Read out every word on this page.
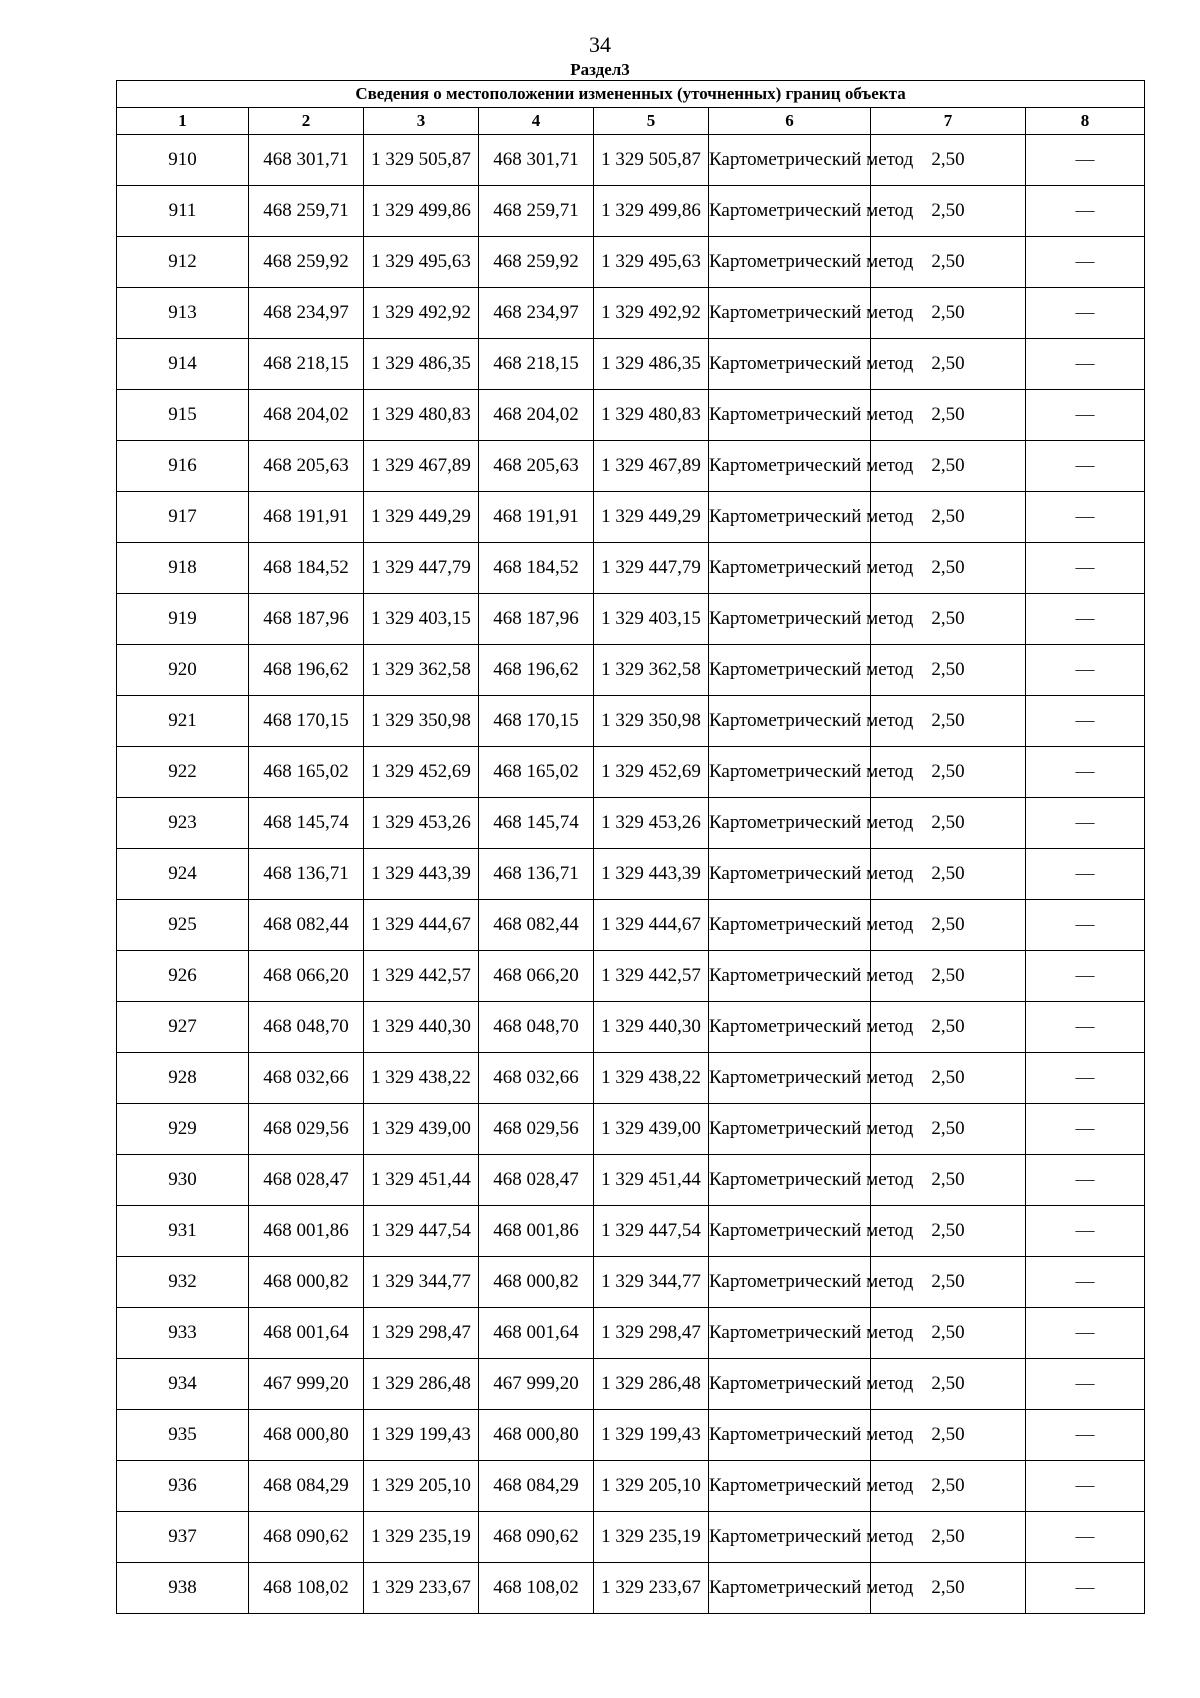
34
Раздел3
Сведения о местоположении измененных (уточненных) границ объекта							
1	2	3	4	5	6	7	8
910	468 301,71	1 329 505,87	468 301,71	1 329 505,87	Картометрический метод	2,50	—
911	468 259,71	1 329 499,86	468 259,71	1 329 499,86	Картометрический метод	2,50	—
912	468 259,92	1 329 495,63	468 259,92	1 329 495,63	Картометрический метод	2,50	—
913	468 234,97	1 329 492,92	468 234,97	1 329 492,92	Картометрический метод	2,50	—
914	468 218,15	1 329 486,35	468 218,15	1 329 486,35	Картометрический метод	2,50	—
915	468 204,02	1 329 480,83	468 204,02	1 329 480,83	Картометрический метод	2,50	—
916	468 205,63	1 329 467,89	468 205,63	1 329 467,89	Картометрический метод	2,50	—
917	468 191,91	1 329 449,29	468 191,91	1 329 449,29	Картометрический метод	2,50	—
918	468 184,52	1 329 447,79	468 184,52	1 329 447,79	Картометрический метод	2,50	—
919	468 187,96	1 329 403,15	468 187,96	1 329 403,15	Картометрический метод	2,50	—
920	468 196,62	1 329 362,58	468 196,62	1 329 362,58	Картометрический метод	2,50	—
921	468 170,15	1 329 350,98	468 170,15	1 329 350,98	Картометрический метод	2,50	—
922	468 165,02	1 329 452,69	468 165,02	1 329 452,69	Картометрический метод	2,50	—
923	468 145,74	1 329 453,26	468 145,74	1 329 453,26	Картометрический метод	2,50	—
924	468 136,71	1 329 443,39	468 136,71	1 329 443,39	Картометрический метод	2,50	—
925	468 082,44	1 329 444,67	468 082,44	1 329 444,67	Картометрический метод	2,50	—
926	468 066,20	1 329 442,57	468 066,20	1 329 442,57	Картометрический метод	2,50	—
927	468 048,70	1 329 440,30	468 048,70	1 329 440,30	Картометрический метод	2,50	—
928	468 032,66	1 329 438,22	468 032,66	1 329 438,22	Картометрический метод	2,50	—
929	468 029,56	1 329 439,00	468 029,56	1 329 439,00	Картометрический метод	2,50	—
930	468 028,47	1 329 451,44	468 028,47	1 329 451,44	Картометрический метод	2,50	—
931	468 001,86	1 329 447,54	468 001,86	1 329 447,54	Картометрический метод	2,50	—
932	468 000,82	1 329 344,77	468 000,82	1 329 344,77	Картометрический метод	2,50	—
933	468 001,64	1 329 298,47	468 001,64	1 329 298,47	Картометрический метод	2,50	—
934	467 999,20	1 329 286,48	467 999,20	1 329 286,48	Картометрический метод	2,50	—
935	468 000,80	1 329 199,43	468 000,80	1 329 199,43	Картометрический метод	2,50	—
936	468 084,29	1 329 205,10	468 084,29	1 329 205,10	Картометрический метод	2,50	—
937	468 090,62	1 329 235,19	468 090,62	1 329 235,19	Картометрический метод	2,50	—
938	468 108,02	1 329 233,67	468 108,02	1 329 233,67	Картометрический метод	2,50	—
